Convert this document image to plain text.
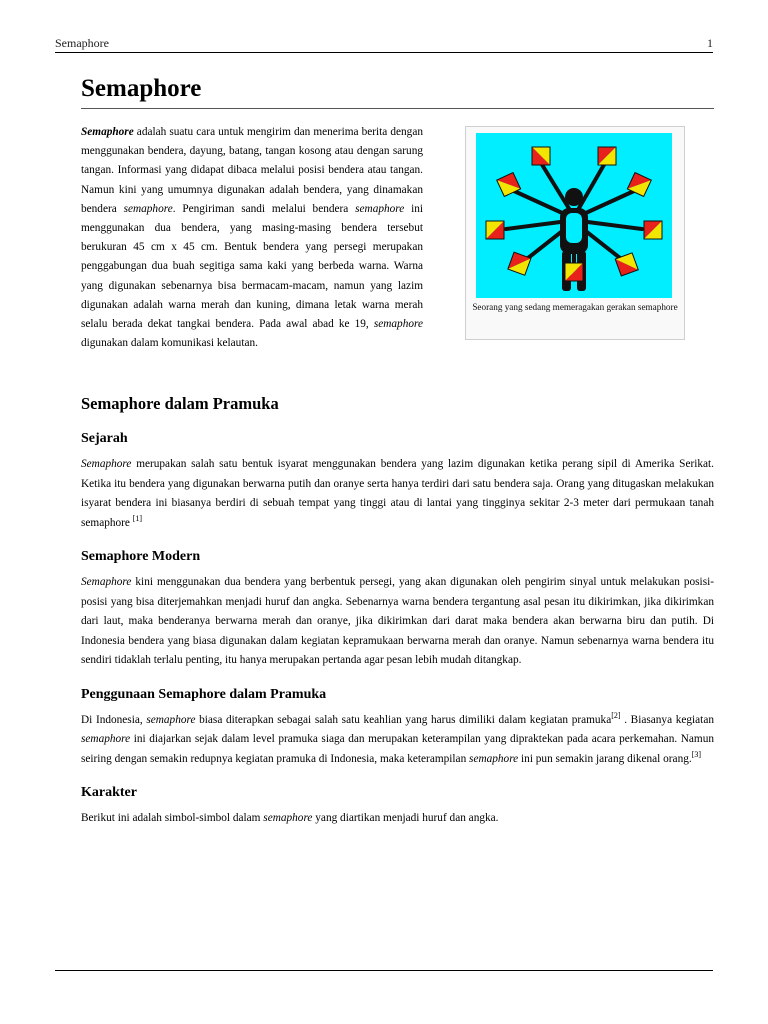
Semaphore	1
Semaphore

Semaphore adalah suatu cara untuk mengirim dan menerima berita dengan menggunakan bendera, dayung, batang, tangan kosong atau dengan sarung tangan. Informasi yang didapat dibaca melalui posisi bendera atau tangan. Namun kini yang umumnya digunakan adalah bendera, yang dinamakan bendera semaphore. Pengiriman sandi melalui bendera semaphore ini menggunakan dua bendera, yang masing-masing bendera tersebut berukuran 45 cm x 45 cm. Bentuk bendera yang persegi merupakan penggabungan dua buah segitiga sama kaki yang berbeda warna. Warna yang digunakan sebenarnya bisa bermacam-macam, namun yang lazim digunakan adalah warna merah dan kuning, dimana letak warna merah selalu berada dekat tangkai bendera. Pada awal abad ke 19, semaphore digunakan dalam komunikasi kelautan.

Seorang yang sedang memeragakan gerakan semaphore
Semaphore dalam Pramuka
Sejarah

Semaphore merupakan salah satu bentuk isyarat menggunakan bendera yang lazim digunakan ketika perang sipil di Amerika Serikat. Ketika itu bendera yang digunakan berwarna putih dan oranye serta hanya terdiri dari satu bendera saja. Orang yang ditugaskan melakukan isyarat bendera ini biasanya berdiri di sebuah tempat yang tinggi atau di lantai yang tingginya sekitar 2-3 meter dari permukaan tanah semaphore [1]

Semaphore Modern

Semaphore kini menggunakan dua bendera yang berbentuk persegi, yang akan digunakan oleh pengirim sinyal untuk melakukan posisi-posisi yang bisa diterjemahkan menjadi huruf dan angka. Sebenarnya warna bendera tergantung asal pesan itu dikirimkan, jika dikirimkan dari laut, maka benderanya berwarna merah dan oranye, jika dikirimkan dari darat maka bendera akan berwarna biru dan putih. Di Indonesia bendera yang biasa digunakan dalam kegiatan kepramukaan berwarna merah dan oranye. Namun sebenarnya warna bendera itu sendiri tidaklah terlalu penting, itu hanya merupakan pertanda agar pesan lebih mudah ditangkap.

Penggunaan Semaphore dalam Pramuka

Di Indonesia, semaphore biasa diterapkan sebagai salah satu keahlian yang harus dimiliki dalam kegiatan pramuka[2] . Biasanya kegiatan semaphore ini diajarkan sejak dalam level pramuka siaga dan merupakan keterampilan yang dipraktekan pada acara perkemahan. Namun seiring dengan semakin redupnya kegiatan pramuka di Indonesia, maka keterampilan semaphore ini pun semakin jarang dikenal orang.[3]

Karakter

Berikut ini adalah simbol-simbol dalam semaphore yang diartikan menjadi huruf dan angka.
